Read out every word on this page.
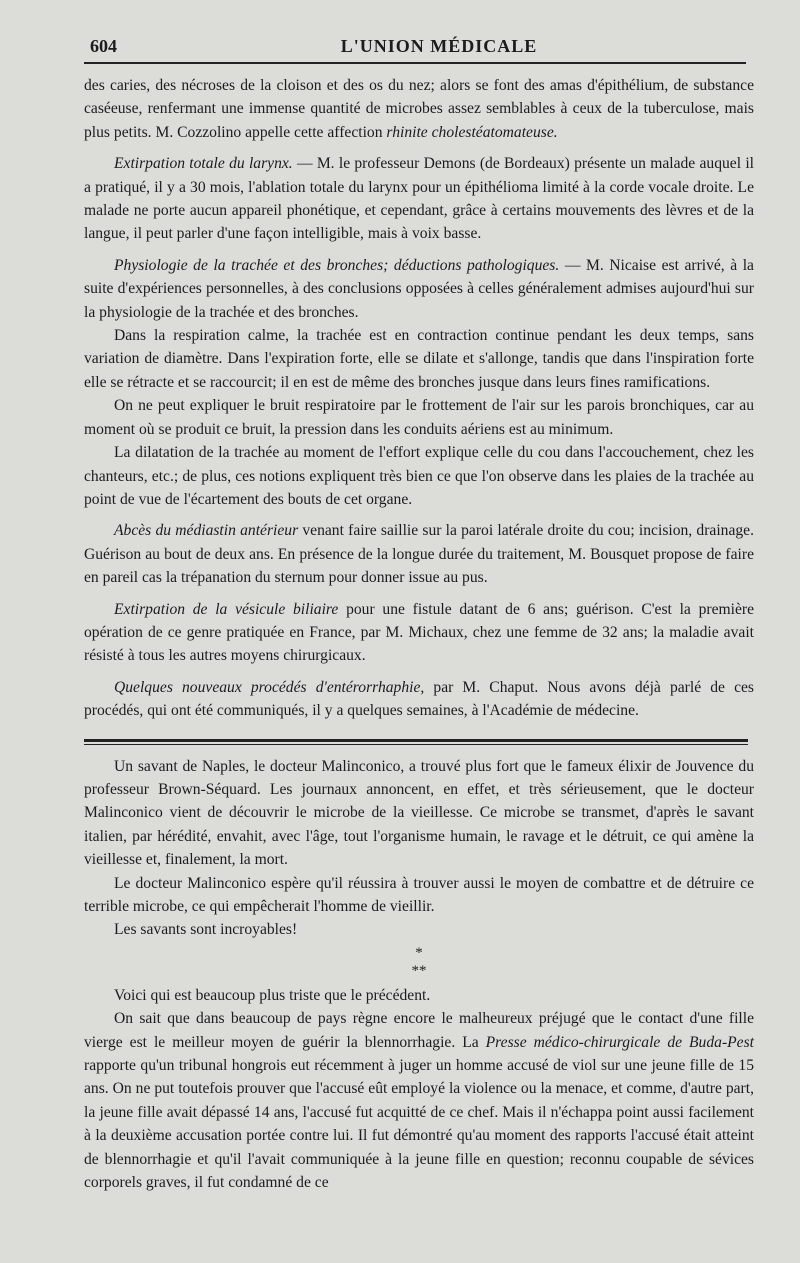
604	L'UNION MÉDICALE

des caries, des nécroses de la cloison et des os du nez; alors se font des amas d'épithélium, de substance caséeuse, renfermant une immense quantité de microbes assez semblables à ceux de la tuberculose, mais plus petits. M. Cozzolino appelle cette affection rhinite cholestéatomateuse.

Extirpation totale du larynx. — M. le professeur Demons (de Bordeaux) présente un malade auquel il a pratiqué, il y a 30 mois, l'ablation totale du larynx pour un épithélioma limité à la corde vocale droite. Le malade ne porte aucun appareil phonétique, et cependant, grâce à certains mouvements des lèvres et de la langue, il peut parler d'une façon intelligible, mais à voix basse.

Physiologie de la trachée et des bronches; déductions pathologiques. — M. Nicaise est arrivé, à la suite d'expériences personnelles, à des conclusions opposées à celles généralement admises aujourd'hui sur la physiologie de la trachée et des bronches.

Dans la respiration calme, la trachée est en contraction continue pendant les deux temps, sans variation de diamètre. Dans l'expiration forte, elle se dilate et s'allonge, tandis que dans l'inspiration forte elle se rétracte et se raccourcit; il en est de même des bronches jusque dans leurs fines ramifications.

On ne peut expliquer le bruit respiratoire par le frottement de l'air sur les parois bronchiques, car au moment où se produit ce bruit, la pression dans les conduits aériens est au minimum.

La dilatation de la trachée au moment de l'effort explique celle du cou dans l'accouchement, chez les chanteurs, etc.; de plus, ces notions expliquent très bien ce que l'on observe dans les plaies de la trachée au point de vue de l'écartement des bouts de cet organe.

Abcès du médiastin antérieur venant faire saillie sur la paroi latérale droite du cou; incision, drainage. Guérison au bout de deux ans. En présence de la longue durée du traitement, M. Bousquet propose de faire en pareil cas la trépanation du sternum pour donner issue au pus.

Extirpation de la vésicule biliaire pour une fistule datant de 6 ans; guérison. C'est la première opération de ce genre pratiquée en France, par M. Michaux, chez une femme de 32 ans; la maladie avait résisté à tous les autres moyens chirurgicaux.

Quelques nouveaux procédés d'entérorrhaphie, par M. Chaput. Nous avons déjà parlé de ces procédés, qui ont été communiqués, il y a quelques semaines, à l'Académie de médecine.

Un savant de Naples, le docteur Malinconico, a trouvé plus fort que le fameux élixir de Jouvence du professeur Brown-Séquard. Les journaux annoncent, en effet, et très sérieusement, que le docteur Malinconico vient de découvrir le microbe de la vieillesse. Ce microbe se transmet, d'après le savant italien, par hérédité, envahit, avec l'âge, tout l'organisme humain, le ravage et le détruit, ce qui amène la vieillesse et, finalement, la mort.

Le docteur Malinconico espère qu'il réussira à trouver aussi le moyen de combattre et de détruire ce terrible microbe, ce qui empêcherait l'homme de vieillir.

Les savants sont incroyables!

*
**

Voici qui est beaucoup plus triste que le précédent.

On sait que dans beaucoup de pays règne encore le malheureux préjugé que le contact d'une fille vierge est le meilleur moyen de guérir la blennorrhagie. La Presse médico-chirurgicale de Buda-Pest rapporte qu'un tribunal hongrois eut récemment à juger un homme accusé de viol sur une jeune fille de 15 ans. On ne put toutefois prouver que l'accusé eût employé la violence ou la menace, et comme, d'autre part, la jeune fille avait dépassé 14 ans, l'accusé fut acquitté de ce chef. Mais il n'échappa point aussi facilement à la deuxième accusation portée contre lui. Il fut démontré qu'au moment des rapports l'accusé était atteint de blennorrhagie et qu'il l'avait communiquée à la jeune fille en question; reconnu coupable de sévices corporels graves, il fut condamné de ce
